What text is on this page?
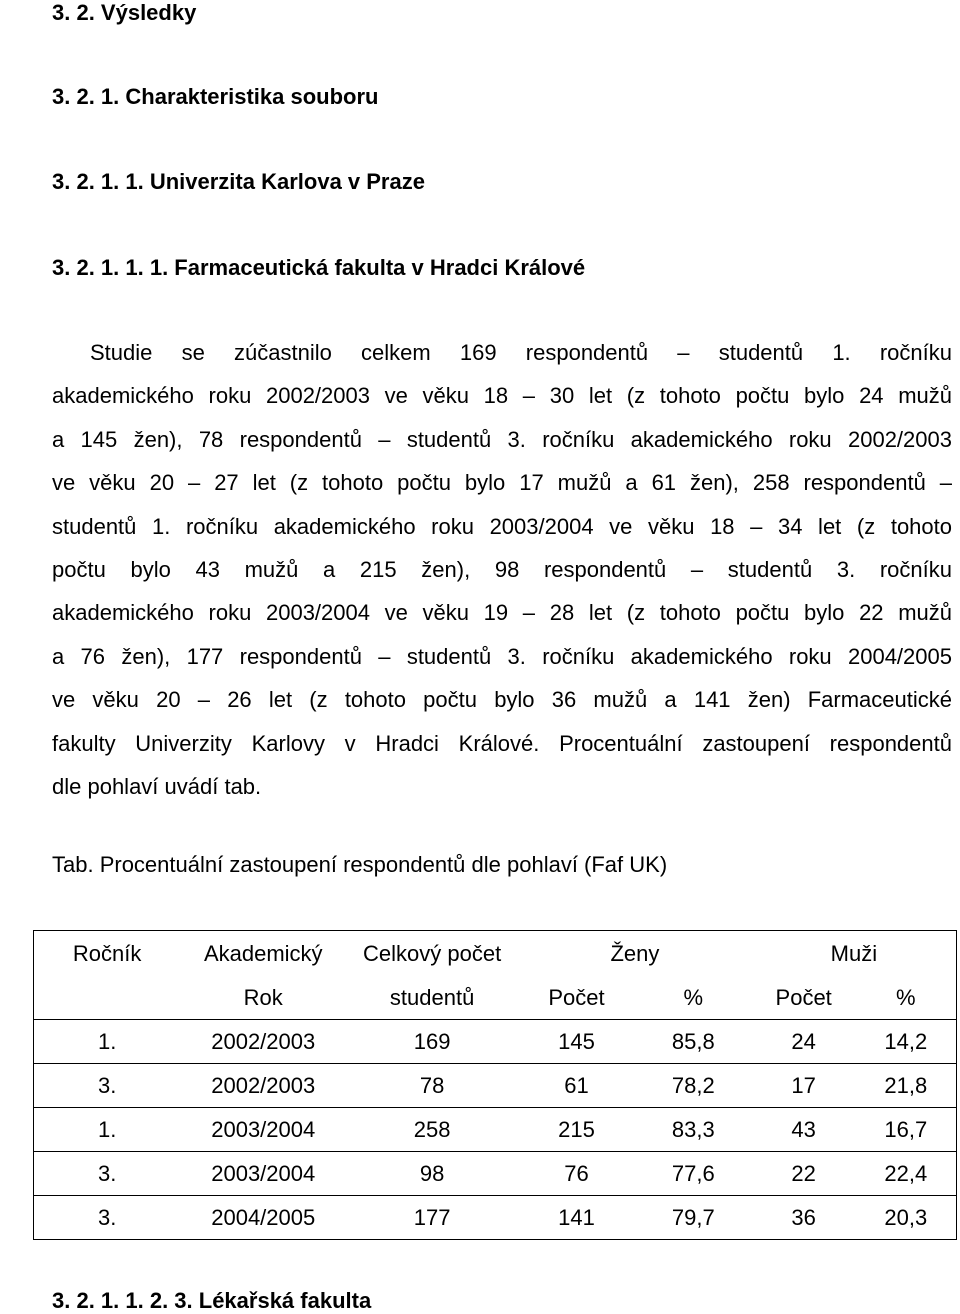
3. 2. Výsledky
3. 2. 1. Charakteristika souboru
3. 2. 1. 1. Univerzita Karlova v Praze
3. 2. 1. 1. 1. Farmaceutická fakulta v Hradci Králové
Studie se zúčastnilo celkem 169 respondentů – studentů 1. ročníku
akademického roku 2002/2003 ve věku 18 – 30 let (z tohoto počtu bylo 24 mužů
a 145 žen), 78 respondentů – studentů 3. ročníku akademického roku 2002/2003
ve věku 20 – 27 let (z tohoto počtu bylo 17 mužů a 61 žen), 258 respondentů –
studentů 1. ročníku akademického roku 2003/2004 ve věku 18 – 34 let (z tohoto
počtu bylo 43 mužů a 215 žen), 98 respondentů – studentů 3. ročníku
akademického roku 2003/2004 ve věku 19 – 28 let (z tohoto počtu bylo 22 mužů
a 76 žen), 177 respondentů – studentů 3. ročníku akademického roku 2004/2005
ve věku 20 – 26 let (z tohoto počtu bylo 36 mužů a 141 žen) Farmaceutické
fakulty Univerzity Karlovy v Hradci Králové. Procentuální zastoupení respondentů
dle pohlaví uvádí tab.

Tab. Procentuální zastoupení respondentů dle pohlaví (Faf UK)

Ročník	Akademický	Celkový počet	Ženy		Muži	
	Rok	studentů	Počet	%	Počet	%
1.	2002/2003	169	145	85,8	24	14,2
3.	2002/2003	78	61	78,2	17	21,8
1.	2003/2004	258	215	83,3	43	16,7
3.	2003/2004	98	76	77,6	22	22,4
3.	2004/2005	177	141	79,7	36	20,3
3. 2. 1. 1. 2. 3. Lékařská fakulta
